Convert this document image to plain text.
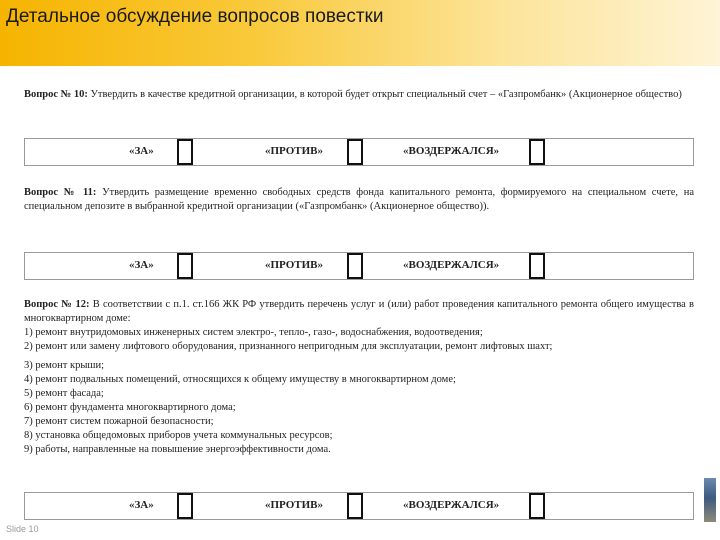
Детальное обсуждение вопросов повестки

Вопрос № 10: Утвердить в качестве кредитной организации, в которой будет открыт специальный счет – «Газпромбанк» (Акционерное общество)

«ЗА»	«ПРОТИВ»	«ВОЗДЕРЖАЛСЯ»

Вопрос № 11: Утвердить размещение временно свободных средств фонда капитального ремонта, формируемого на специальном счете, на специальном депозите в выбранной кредитной организации («Газпромбанк» (Акционерное общество)).

«ЗА»	«ПРОТИВ»	«ВОЗДЕРЖАЛСЯ»

Вопрос № 12: В соответствии с п.1. ст.166 ЖК РФ утвердить перечень услуг и (или) работ проведения капитального ремонта общего имущества в многоквартирном доме:

1) ремонт внутридомовых инженерных систем электро-, тепло-, газо-, водоснабжения, водоотведения;
2) ремонт или замену лифтового оборудования, признанного непригодным для эксплуатации, ремонт лифтовых шахт;
3) ремонт крыши;
4) ремонт подвальных помещений, относящихся к общему имуществу в многоквартирном доме;
5) ремонт фасада;
6) ремонт фундамента многоквартирного дома;
7) ремонт систем пожарной безопасности;
8) установка общедомовых приборов учета коммунальных ресурсов;
9) работы, направленные на повышение энергоэффективности дома.
«ЗА»	«ПРОТИВ»	«ВОЗДЕРЖАЛСЯ»
Slide 10
